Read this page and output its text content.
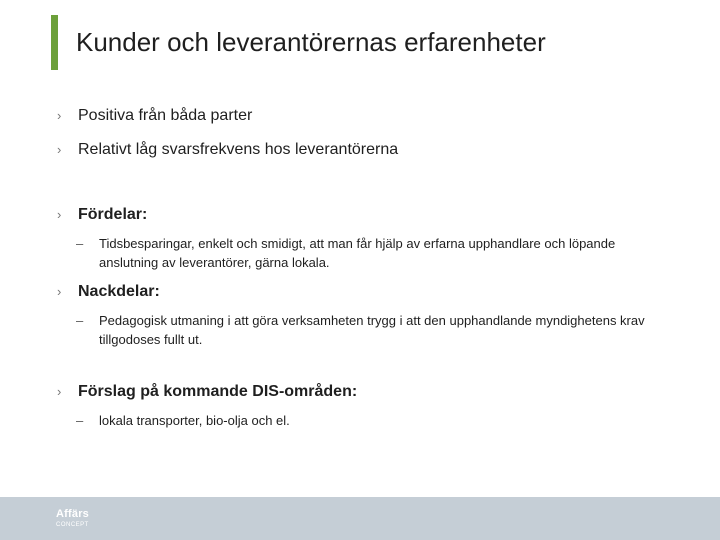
Kunder och leverantörernas erfarenheter
›	Positiva från båda parter
›	Relativt låg svarsfrekvens hos leverantörerna
›	Fördelar:
– Tidsbesparingar, enkelt och smidigt, att man får hjälp av erfarna upphandlare och löpande anslutning av leverantörer, gärna lokala.
›	Nackdelar:
– Pedagogisk utmaning i att göra verksamheten trygg i att den upphandlande myndighetens krav tillgodoses fullt ut.
›	Förslag på kommande DIS-områden:
– lokala transporter, bio-olja och el.
Affärs
CONCEPT
